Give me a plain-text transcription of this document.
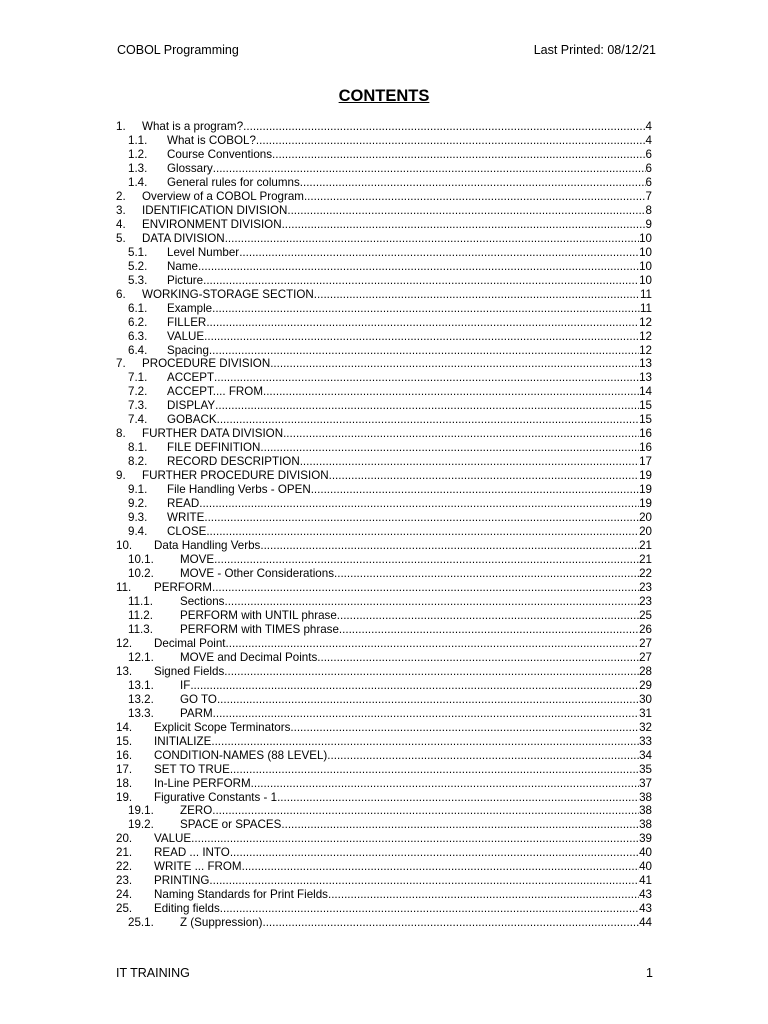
COBOL Programming	Last Printed: 08/12/21
CONTENTS
1. What is a program? .....	4
1.1. What is COBOL? .....	4
1.2. Course Conventions .....	6
1.3. Glossary .....	6
1.4. General rules for columns .....	6
2. Overview of a COBOL Program .....	7
3. IDENTIFICATION DIVISION .....	8
4. ENVIRONMENT DIVISION .....	9
5. DATA DIVISION .....	10
5.1. Level Number .....	10
5.2. Name .....	10
5.3. Picture .....	10
6. WORKING-STORAGE SECTION .....	11
6.1. Example .....	11
6.2. FILLER .....	12
6.3. VALUE .....	12
6.4. Spacing .....	12
7. PROCEDURE DIVISION .....	13
7.1. ACCEPT .....	13
7.2. ACCEPT.... FROM .....	14
7.3. DISPLAY .....	15
7.4. GOBACK .....	15
8. FURTHER DATA DIVISION .....	16
8.1. FILE DEFINITION .....	16
8.2. RECORD DESCRIPTION .....	17
9. FURTHER PROCEDURE DIVISION .....	19
9.1. File Handling Verbs - OPEN .....	19
9.2. READ .....	19
9.3. WRITE .....	20
9.4. CLOSE .....	20
10. Data Handling Verbs .....	21
10.1. MOVE .....	21
10.2. MOVE - Other Considerations .....	22
11. PERFORM .....	23
11.1. Sections .....	23
11.2. PERFORM with UNTIL phrase .....	25
11.3. PERFORM with TIMES phrase .....	26
12. Decimal Point .....	27
12.1. MOVE and Decimal Points .....	27
13. Signed Fields .....	28
13.1. IF .....	29
13.2. GO TO .....	30
13.3. PARM .....	31
14. Explicit Scope Terminators .....	32
15. INITIALIZE .....	33
16. CONDITION-NAMES (88 LEVEL) .....	34
17. SET TO TRUE .....	35
18. In-Line PERFORM .....	37
19. Figurative Constants - 1 .....	38
19.1. ZERO .....	38
19.2. SPACE or SPACES .....	38
20. VALUE .....	39
21. READ ... INTO .....	40
22. WRITE ... FROM .....	40
23. PRINTING .....	41
24. Naming Standards for Print Fields .....	43
25. Editing fields .....	43
25.1. Z (Suppression) .....	44
IT TRAINING	1
